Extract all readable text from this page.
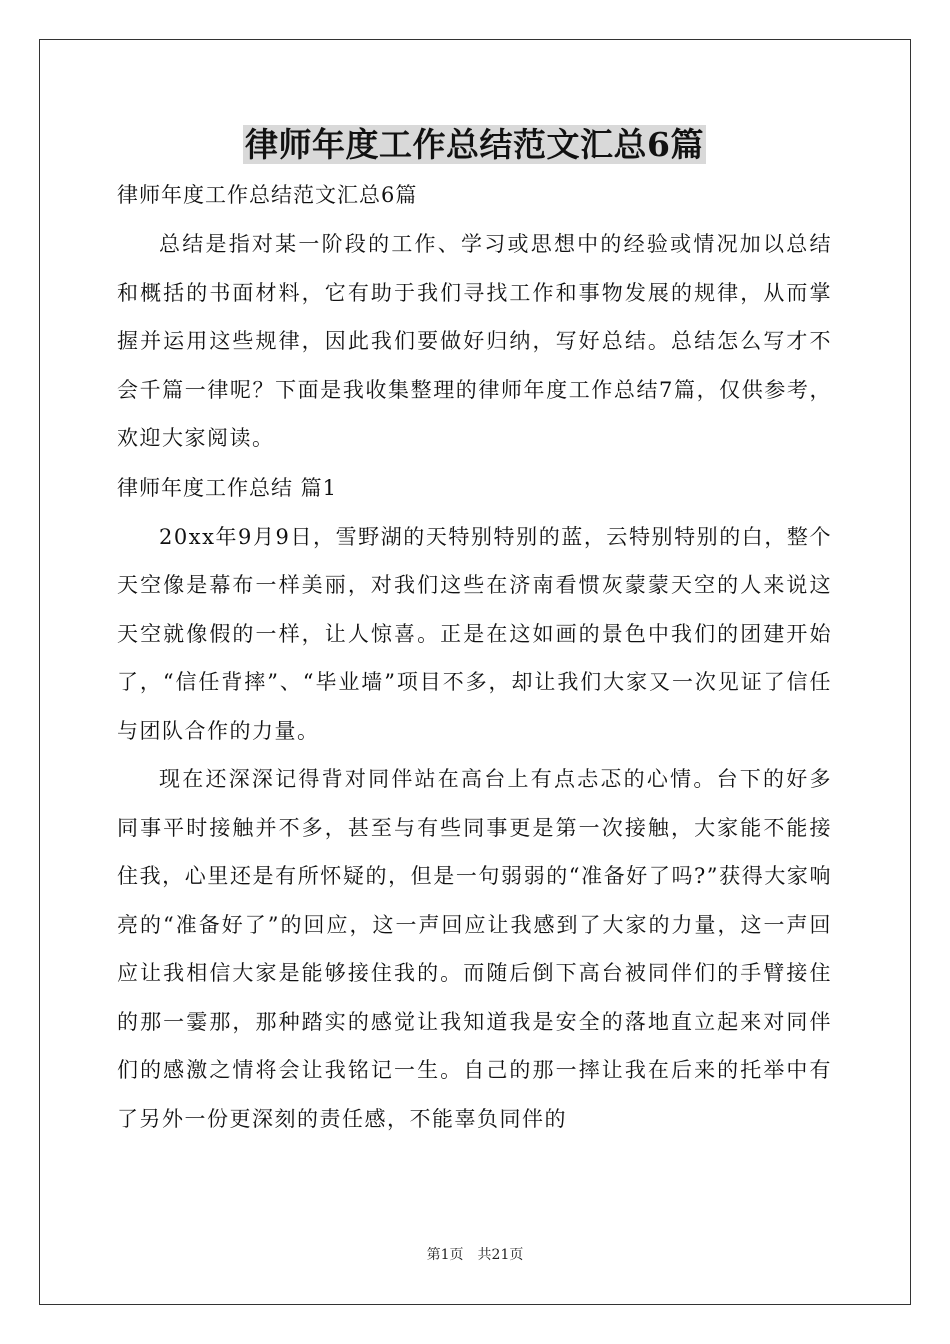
律师年度工作总结范文汇总6篇

律师年度工作总结范文汇总6篇

总结是指对某一阶段的工作、学习或思想中的经验或情况加以总结和概括的书面材料，它有助于我们寻找工作和事物发展的规律，从而掌握并运用这些规律，因此我们要做好归纳，写好总结。总结怎么写才不会千篇一律呢？下面是我收集整理的律师年度工作总结7篇，仅供参考，欢迎大家阅读。

律师年度工作总结 篇1

20xx年9月9日，雪野湖的天特别特别的蓝，云特别特别的白，整个天空像是幕布一样美丽，对我们这些在济南看惯灰蒙蒙天空的人来说这天空就像假的一样，让人惊喜。正是在这如画的景色中我们的团建开始了，“信任背摔”、“毕业墙”项目不多，却让我们大家又一次见证了信任与团队合作的力量。

现在还深深记得背对同伴站在高台上有点忐忑的心情。台下的好多同事平时接触并不多，甚至与有些同事更是第一次接触，大家能不能接住我，心里还是有所怀疑的，但是一句弱弱的“准备好了吗?”获得大家响亮的“准备好了”的回应，这一声回应让我感到了大家的力量，这一声回应让我相信大家是能够接住我的。而随后倒下高台被同伴们的手臂接住的那一霎那，那种踏实的感觉让我知道我是安全的落地直立起来对同伴们的感激之情将会让我铭记一生。自己的那一摔让我在后来的托举中有了另外一份更深刻的责任感，不能辜负同伴的

第1页　共21页
